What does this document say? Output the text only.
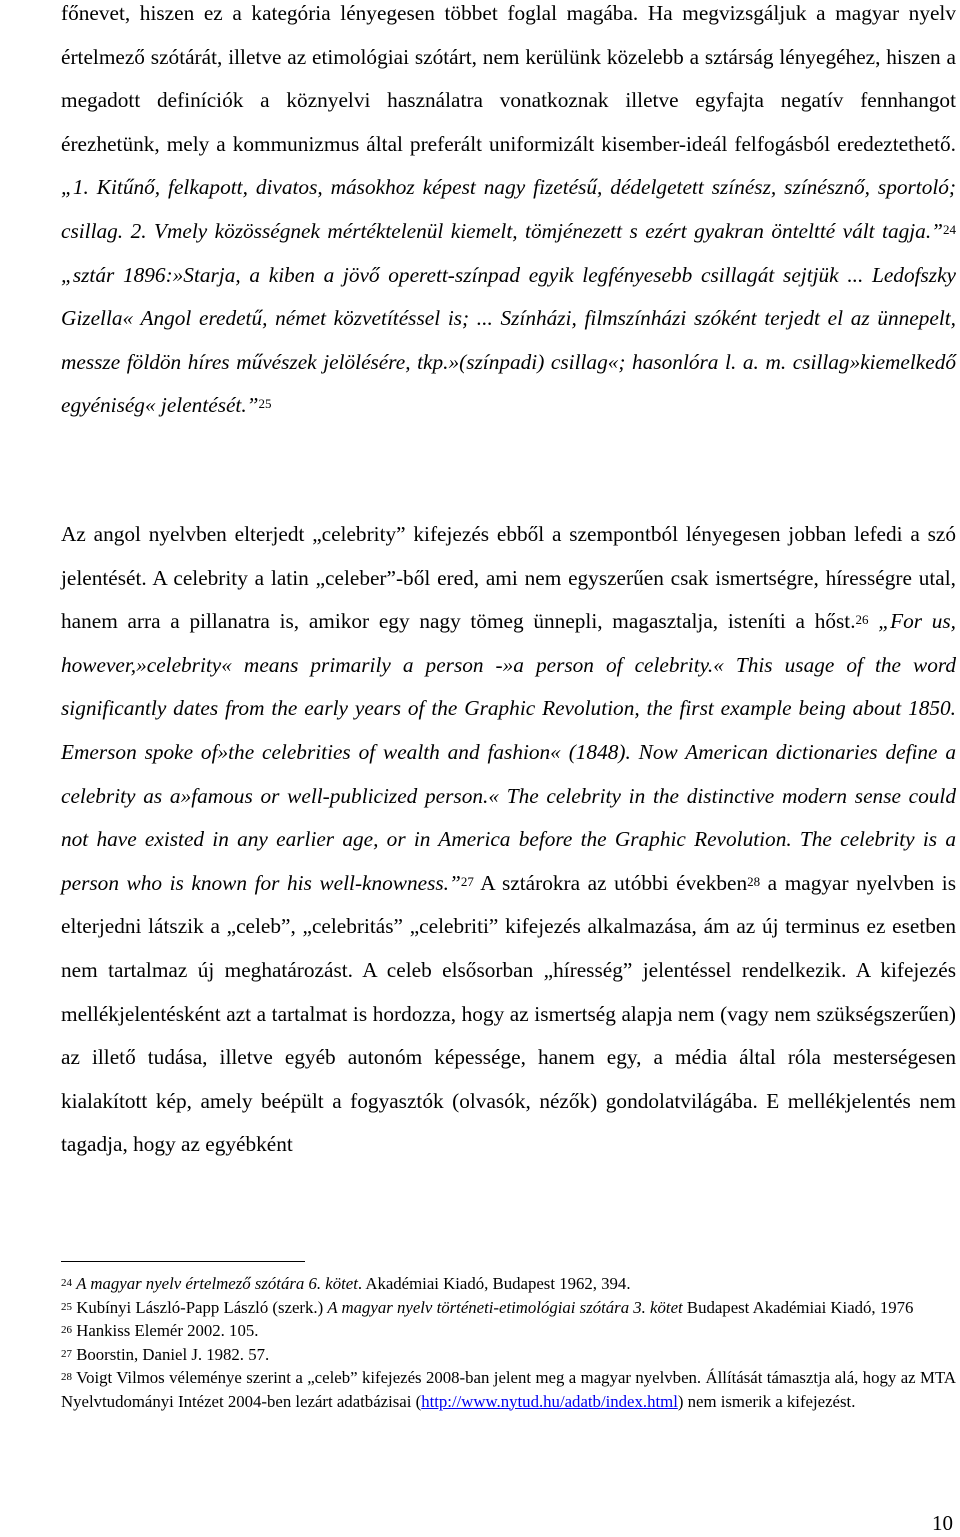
főnevet, hiszen ez a kategória lényegesen többet foglal magába. Ha megvizsgáljuk a magyar nyelv értelmező szótárát, illetve az etimológiai szótárt, nem kerülünk közelebb a sztárság lényegéhez, hiszen a megadott definíciók a köznyelvi használatra vonatkoznak illetve egyfajta negatív fennhangot érezhetünk, mely a kommunizmus által preferált uniformizált kisember-ideál felfogásból eredeztethető. „1. Kitűnő, felkapott, divatos, másokhoz képest nagy fizetésű, dédelgetett színész, színésznő, sportoló; csillag. 2. Vmely közösségnek mértéktelenül kiemelt, tömjénezett s ezért gyakran önteltté vált tagja.”$^{24}$ „sztár 1896:»Starja, a kiben a jövő operett-színpad egyik legfényesebb csillagát sejtjük ... Ledofszky Gizella« Angol eredetű, német közvetítéssel is; ... Színházi, filmszínházi szóként terjedt el az ünnepelt, messze földön híres művészek jelölésére, tkp.»(színpadi) csillag«; hasonlóra l. a. m. csillag»kiemelkedő egyéniség« jelentését.”$^{25}$

Az angol nyelvben elterjedt „celebrity” kifejezés ebből a szempontból lényegesen jobban lefedi a szó jelentését. A celebrity a latin „celeber”-ből ered, ami nem egyszerűen csak ismertségre, hírességre utal, hanem arra a pillanatra is, amikor egy nagy tömeg ünnepli, magasztalja, isteníti a hőst.$^{26}$ „For us, however,»celebrity« means primarily a person -»a person of celebrity.« This usage of the word significantly dates from the early years of the Graphic Revolution, the first example being about 1850. Emerson spoke of»the celebrities of wealth and fashion« (1848). Now American dictionaries define a celebrity as a»famous or well-publicized person.« The celebrity in the distinctive modern sense could not have existed in any earlier age, or in America before the Graphic Revolution. The celebrity is a person who is known for his well-knowness.”$^{27}$ A sztárokra az utóbbi években$^{28}$ a magyar nyelvben is elterjedni látszik a „celeb”, „celebritás” „celebriti” kifejezés alkalmazása, ám az új terminus ez esetben nem tartalmaz új meghatározást. A celeb elsősorban „híresség” jelentéssel rendelkezik. A kifejezés mellékjelentésként azt a tartalmat is hordozza, hogy az ismertség alapja nem (vagy nem szükségszerűen) az illető tudása, illetve egyéb autonóm képessége, hanem egy, a média által róla mesterségesen kialakított kép, amely beépült a fogyasztók (olvasók, nézők) gondolatvilágába. E mellékjelentés nem tagadja, hogy az egyébként

$^{24}$ A magyar nyelv értelmező szótára 6. kötet. Akadémiai Kiadó, Budapest 1962, 394.

$^{25}$ Kubínyi László-Papp László (szerk.) A magyar nyelv történeti-etimológiai szótára 3. kötet Budapest Akadémiai Kiadó, 1976

$^{26}$ Hankiss Elemér 2002. 105.

$^{27}$ Boorstin, Daniel J. 1982. 57.

$^{28}$ Voigt Vilmos véleménye szerint a „celeb” kifejezés 2008-ban jelent meg a magyar nyelvben. Állítását támasztja alá, hogy az MTA Nyelvtudományi Intézet 2004-ben lezárt adatbázisai (http://www.nytud.hu/adatb/index.html) nem ismerik a kifejezést.

10
